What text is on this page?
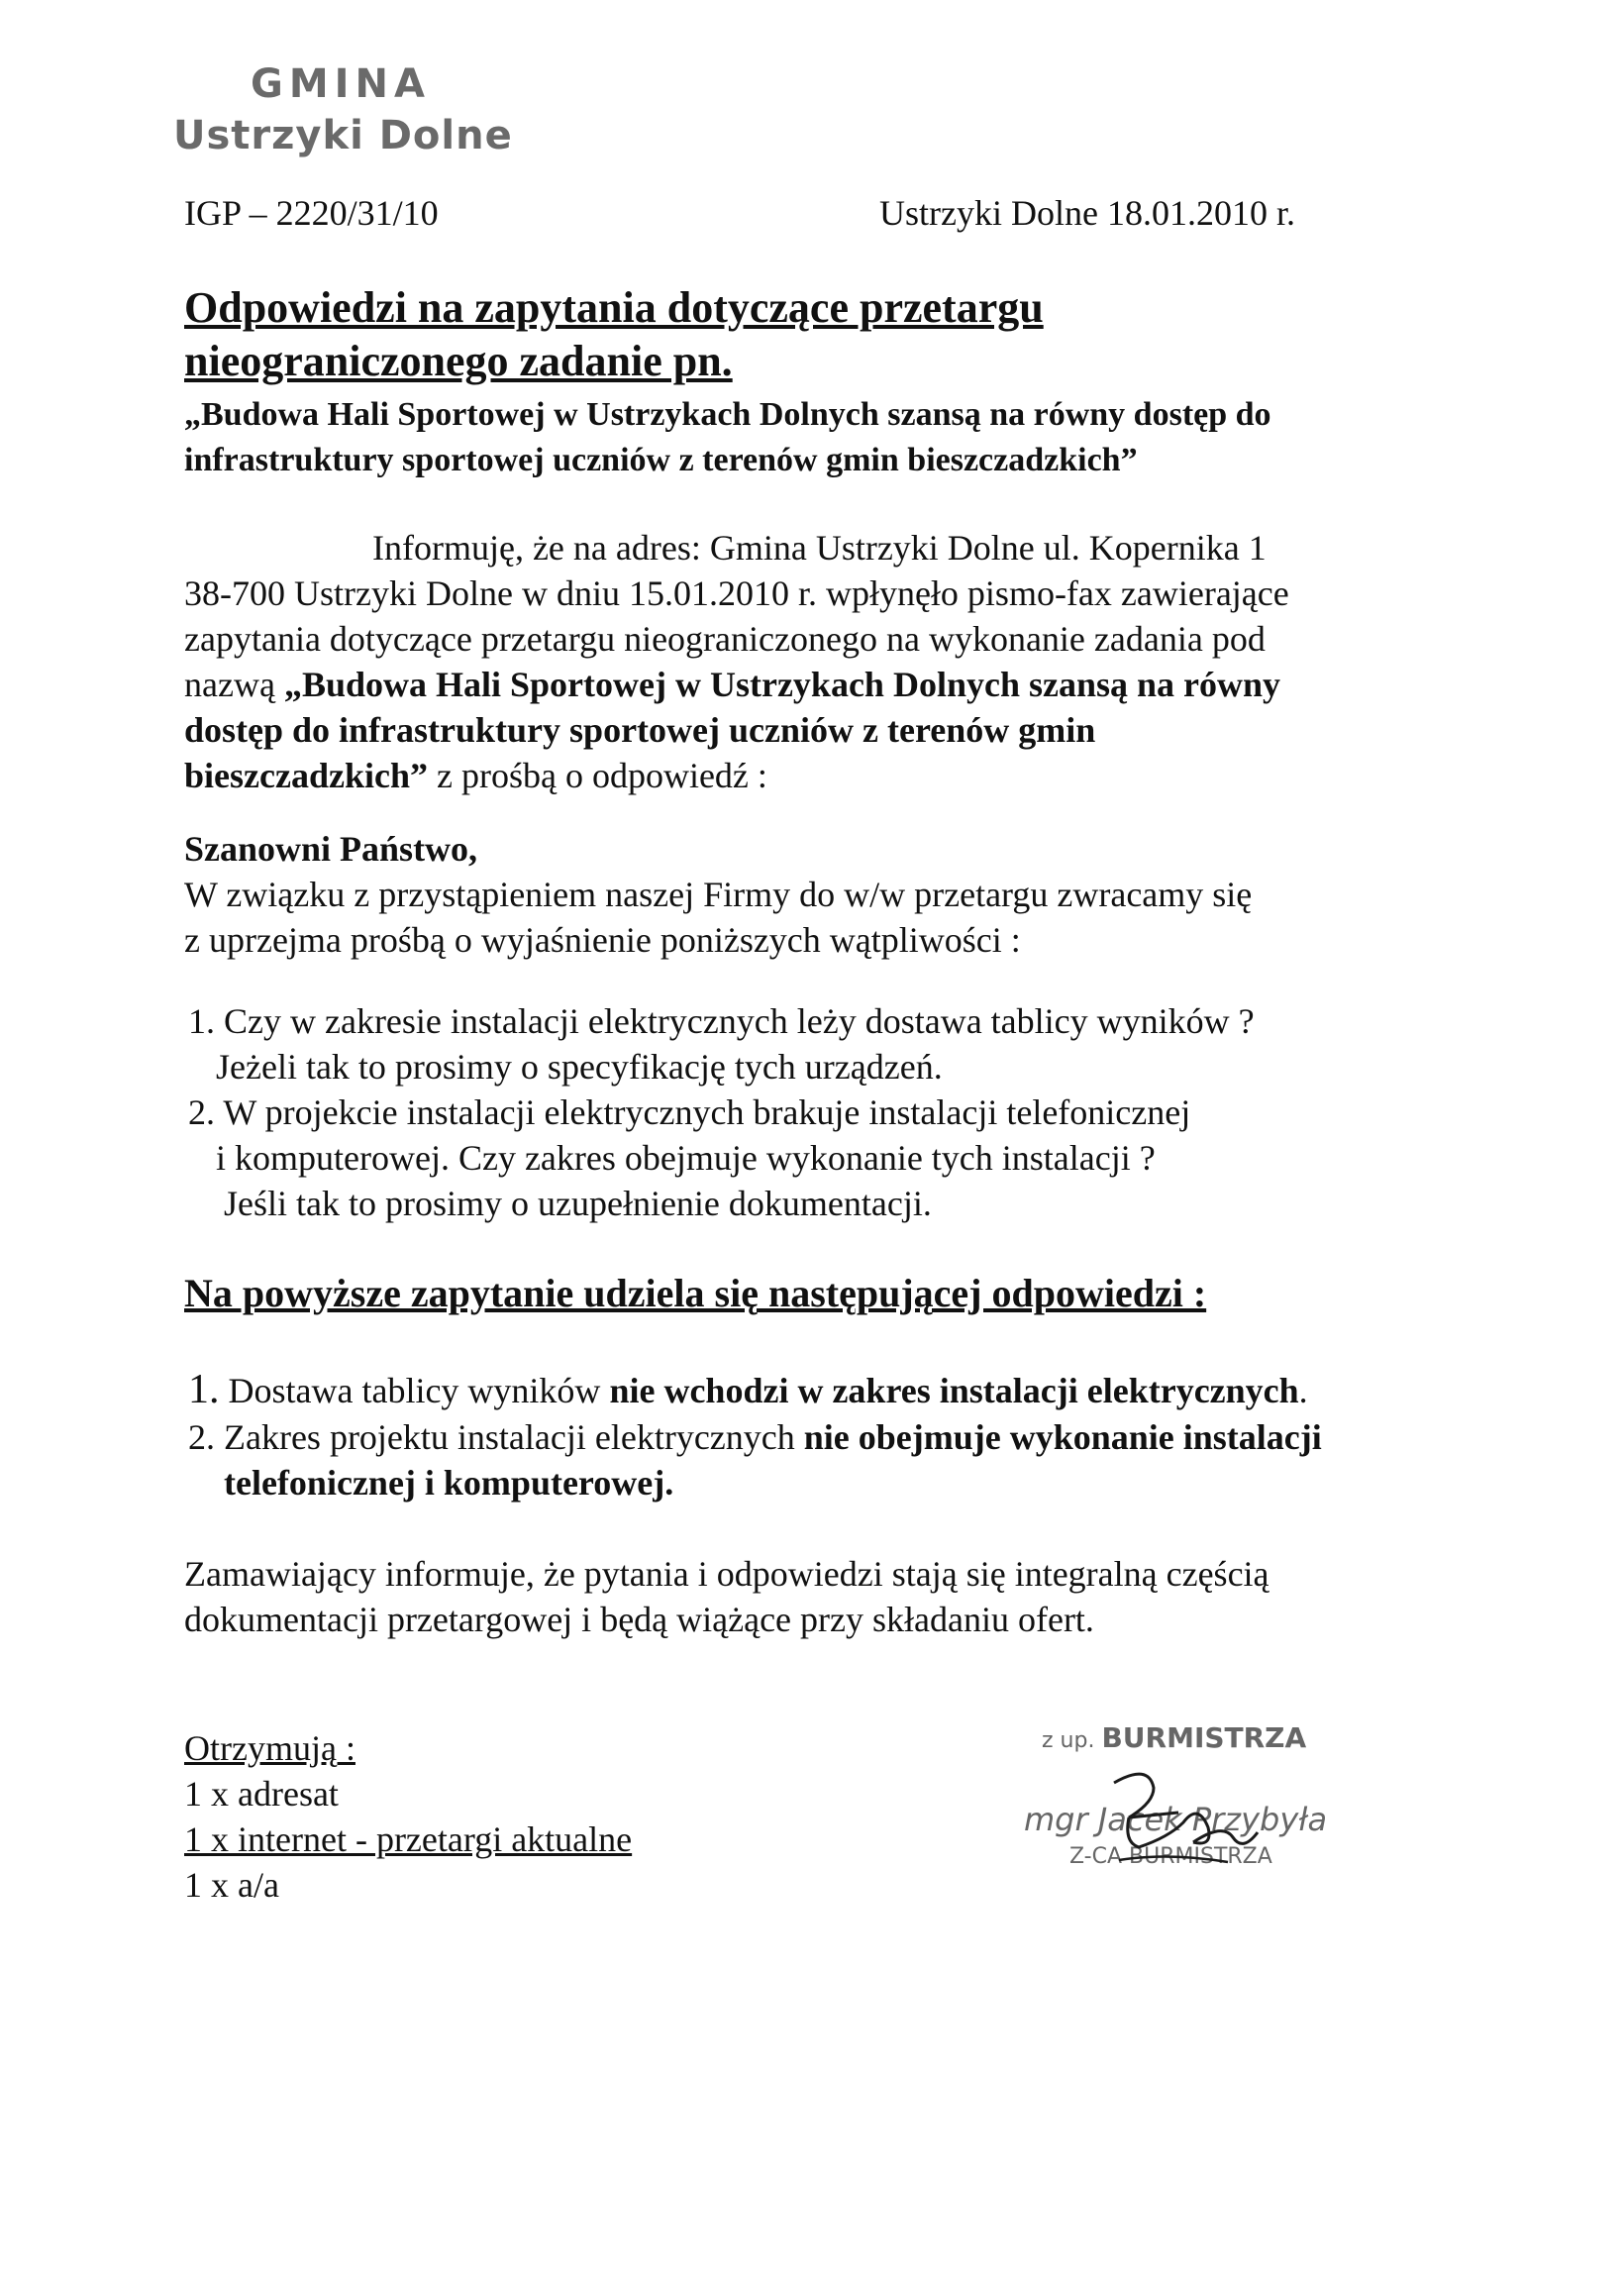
GMINA
Ustrzyki Dolne
IGP – 2220/31/10	Ustrzyki Dolne 18.01.2010 r.
Odpowiedzi na zapytania dotyczące przetargu
nieograniczonego zadanie pn.
„Budowa Hali Sportowej w Ustrzykach Dolnych szansą na równy dostęp do
infrastruktury sportowej uczniów z terenów gmin bieszczadzkich”
Informuję, że na adres: Gmina Ustrzyki Dolne ul. Kopernika 1
38-700 Ustrzyki Dolne w dniu 15.01.2010 r. wpłynęło pismo-fax zawierające
zapytania dotyczące przetargu nieograniczonego na wykonanie zadania pod
nazwą „Budowa Hali Sportowej w Ustrzykach Dolnych szansą na równy
dostęp do infrastruktury sportowej uczniów z terenów gmin
bieszczadzkich” z prośbą o odpowiedź :
Szanowni Państwo,
W związku z przystąpieniem naszej Firmy do w/w przetargu zwracamy się
z uprzejma prośbą o wyjaśnienie poniższych wątpliwości :
1. Czy w zakresie instalacji elektrycznych leży dostawa tablicy wyników ?
Jeżeli tak to prosimy o specyfikację tych urządzeń.
2. W projekcie instalacji elektrycznych brakuje instalacji telefonicznej
i komputerowej. Czy zakres obejmuje wykonanie tych instalacji ?
Jeśli tak to prosimy o uzupełnienie dokumentacji.
Na powyższe zapytanie udziela się następującej odpowiedzi :
1. Dostawa tablicy wyników nie wchodzi w zakres instalacji elektrycznych.
2. Zakres projektu instalacji elektrycznych nie obejmuje wykonanie instalacji
telefonicznej i komputerowej.
Zamawiający informuje, że pytania i odpowiedzi stają się integralną częścią
dokumentacji przetargowej i będą wiążące przy składaniu ofert.
Otrzymują :
1 x adresat
1 x internet - przetargi aktualne
1 x a/a
z up. BURMISTRZA
mgr Jacek Przybyła
Z-CA BURMISTRZA
